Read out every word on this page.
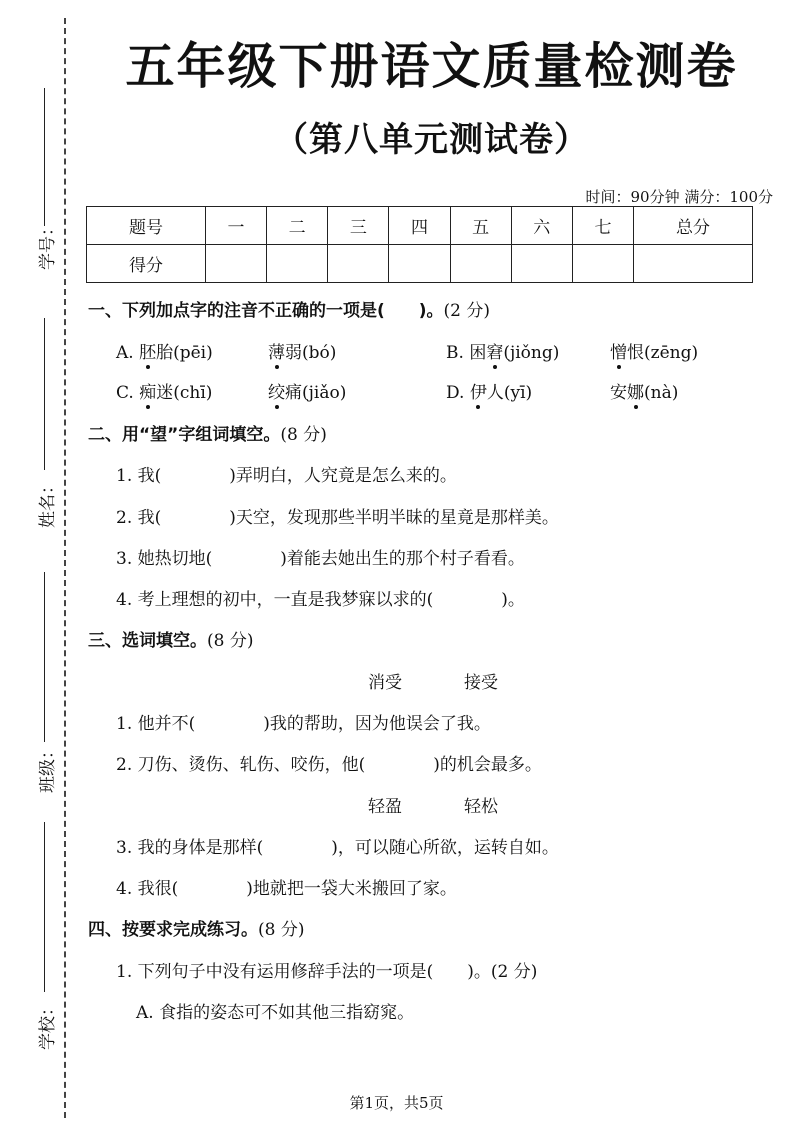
学号：
姓名：
班级：
学校：
五年级下册语文质量检测卷
（第八单元测试卷）
时间：90分钟 满分：100分
题号	一	二	三	四	五	六	七	总分
得分								
一、下列加点字的注音不正确的一项是(　　)。(2 分)
A. 胚胎(pēi)	薄弱(bó)	B. 困窘(jiǒng)	憎恨(zēng)
C. 痴迷(chī)	绞痛(jiǎo)	D. 伊人(yī)	安娜(nà)
二、用“望”字组词填空。(8 分)
1. 我(　　　　)弄明白，人究竟是怎么来的。
2. 我(　　　　)天空，发现那些半明半昧的星竟是那样美。
3. 她热切地(　　　　)着能去她出生的那个村子看看。
4. 考上理想的初中，一直是我梦寐以求的(　　　　)。
三、选词填空。(8 分)
消受	接受
1. 他并不(　　　　)我的帮助，因为他误会了我。
2. 刀伤、烫伤、轧伤、咬伤，他(　　　　)的机会最多。
轻盈	轻松
3. 我的身体是那样(　　　　)，可以随心所欲，运转自如。
4. 我很(　　　　)地就把一袋大米搬回了家。
四、按要求完成练习。(8 分)
1. 下列句子中没有运用修辞手法的一项是(　　)。(2 分)
A. 食指的姿态可不如其他三指窈窕。
第1页，共5页
